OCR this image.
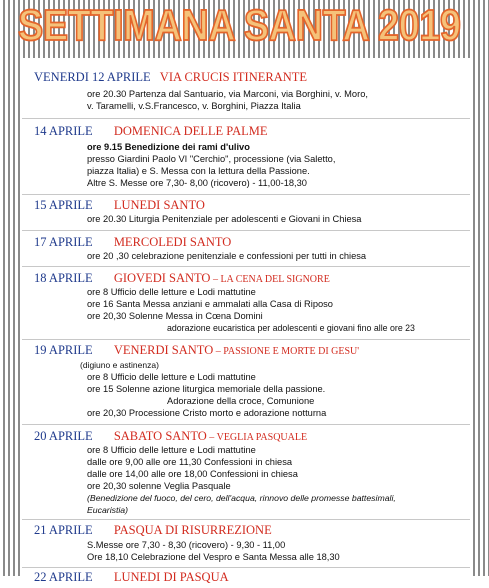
SETTIMANA SANTA 2019
VENERDI 12 APRILE VIA CRUCIS ITINERANTE
ore 20.30 Partenza dal Santuario, via Marconi, via Borghini, v. Moro,
v. Taramelli, v.S.Francesco, v. Borghini, Piazza Italia
14 APRILE DOMENICA DELLE PALME
ore 9.15 Benedizione dei rami d'ulivo
presso Giardini Paolo VI "Cerchio", processione (via Saletto,
piazza Italia) e S. Messa con la lettura della Passione.
Altre S. Messe ore 7,30- 8,00 (ricovero) - 11,00-18,30
15 APRILE LUNEDI SANTO
ore 20.30 Liturgia Penitenziale per adolescenti e Giovani in Chiesa
17 APRILE MERCOLEDI SANTO
ore 20 ,30 celebrazione penitenziale e confessioni per tutti in chiesa
18 APRILE GIOVEDI SANTO – LA CENA DEL SIGNORE
ore 8 Ufficio delle letture e Lodi mattutine
ore 16 Santa Messa anziani e ammalati alla Casa di Riposo
ore 20,30 Solenne Messa in Cœna Domini
adorazione eucaristica per adolescenti e giovani fino alle ore 23
19 APRILE VENERDI SANTO – PASSIONE E MORTE DI GESU'
(digiuno e astinenza)
ore 8 Ufficio delle letture e Lodi mattutine
ore 15 Solenne azione liturgica memoriale della passione.
Adorazione della croce, Comunione
ore 20,30 Processione Cristo morto e adorazione notturna
20 APRILE SABATO SANTO – VEGLIA PASQUALE
ore 8 Ufficio delle letture e Lodi mattutine
dalle ore 9,00 alle ore 11,30 Confessioni in chiesa
dalle ore 14,00 alle ore 18,00 Confessioni in chiesa
ore 20,30 solenne Veglia Pasquale
(Benedizione del fuoco, del cero, dell'acqua, rinnovo delle promesse battesimali,
Eucaristia)
21 APRILE PASQUA DI RISURREZIONE
S.Messe ore 7,30 - 8,30 (ricovero) - 9,30 - 11,00
Ore 18,10 Celebrazione del Vespro e Santa Messa alle 18,30
22 APRILE LUNEDI DI PASQUA
